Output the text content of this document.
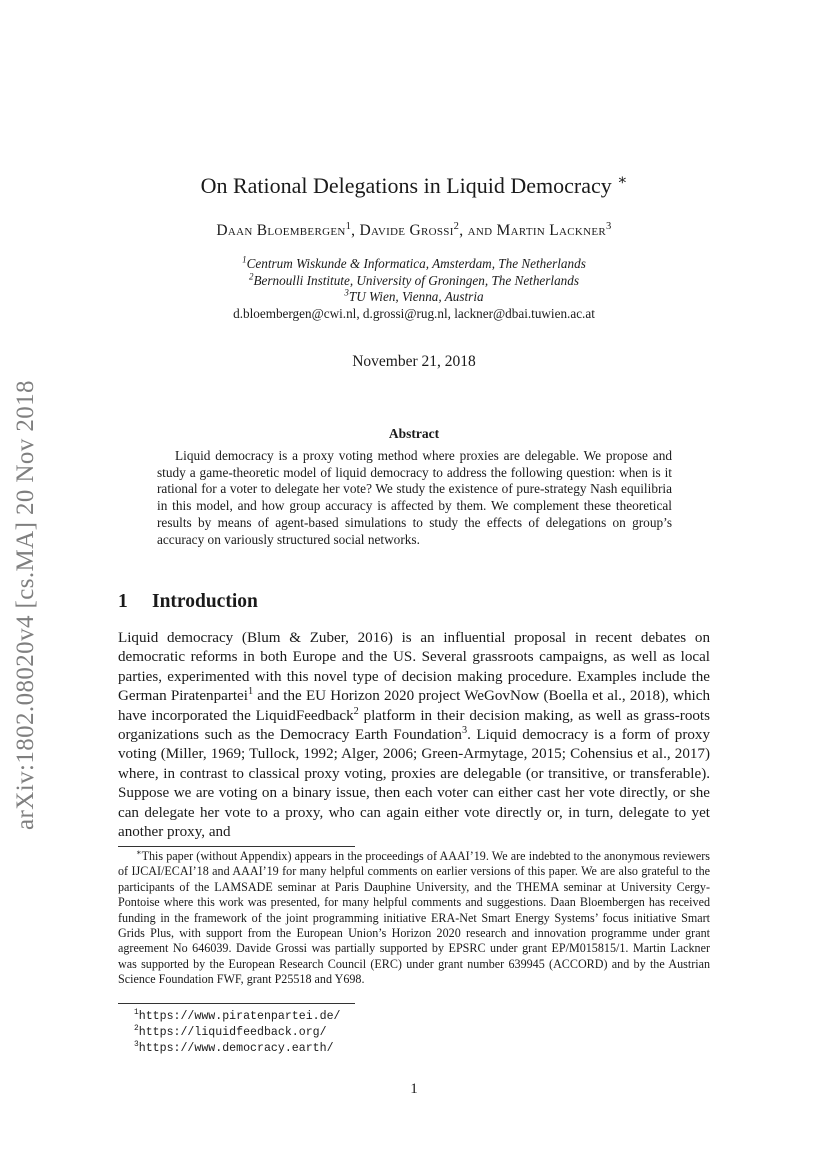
arXiv:1802.08020v4 [cs.MA] 20 Nov 2018
On Rational Delegations in Liquid Democracy ∗
Daan Bloembergen$^1$, Davide Grossi$^2$, and Martin Lackner$^3$
$^1$Centrum Wiskunde & Informatica, Amsterdam, The Netherlands
$^2$Bernoulli Institute, University of Groningen, The Netherlands
$^3$TU Wien, Vienna, Austria
d.bloembergen@cwi.nl, d.grossi@rug.nl, lackner@dbai.tuwien.ac.at
November 21, 2018
Abstract
Liquid democracy is a proxy voting method where proxies are delegable. We propose and study a game-theoretic model of liquid democracy to address the following question: when is it rational for a voter to delegate her vote? We study the existence of pure-strategy Nash equilibria in this model, and how group accuracy is affected by them. We complement these theoretical results by means of agent-based simulations to study the effects of delegations on group’s accuracy on variously structured social networks.
1 Introduction
Liquid democracy (Blum & Zuber, 2016) is an influential proposal in recent debates on democratic reforms in both Europe and the US. Several grassroots campaigns, as well as local parties, experimented with this novel type of decision making procedure. Examples include the German Piratenpartei$^1$ and the EU Horizon 2020 project WeGovNow (Boella et al., 2018), which have incorporated the LiquidFeedback$^2$ platform in their decision making, as well as grass-roots organizations such as the Democracy Earth Foundation$^3$. Liquid democracy is a form of proxy voting (Miller, 1969; Tullock, 1992; Alger, 2006; Green-Armytage, 2015; Cohensius et al., 2017) where, in contrast to classical proxy voting, proxies are delegable (or transitive, or transferable). Suppose we are voting on a binary issue, then each voter can either cast her vote directly, or she can delegate her vote to a proxy, who can again either vote directly or, in turn, delegate to yet another proxy, and
∗This paper (without Appendix) appears in the proceedings of AAAI’19. We are indebted to the anonymous reviewers of IJCAI/ECAI’18 and AAAI’19 for many helpful comments on earlier versions of this paper. We are also grateful to the participants of the LAMSADE seminar at Paris Dauphine University, and the THEMA seminar at University Cergy-Pontoise where this work was presented, for many helpful comments and suggestions. Daan Bloembergen has received funding in the framework of the joint programming initiative ERA-Net Smart Energy Systems’ focus initiative Smart Grids Plus, with support from the European Union’s Horizon 2020 research and innovation programme under grant agreement No 646039. Davide Grossi was partially supported by EPSRC under grant EP/M015815/1. Martin Lackner was supported by the European Research Council (ERC) under grant number 639945 (ACCORD) and by the Austrian Science Foundation FWF, grant P25518 and Y698.
$^1$https://www.piratenpartei.de/
$^2$https://liquidfeedback.org/
$^3$https://www.democracy.earth/
1
